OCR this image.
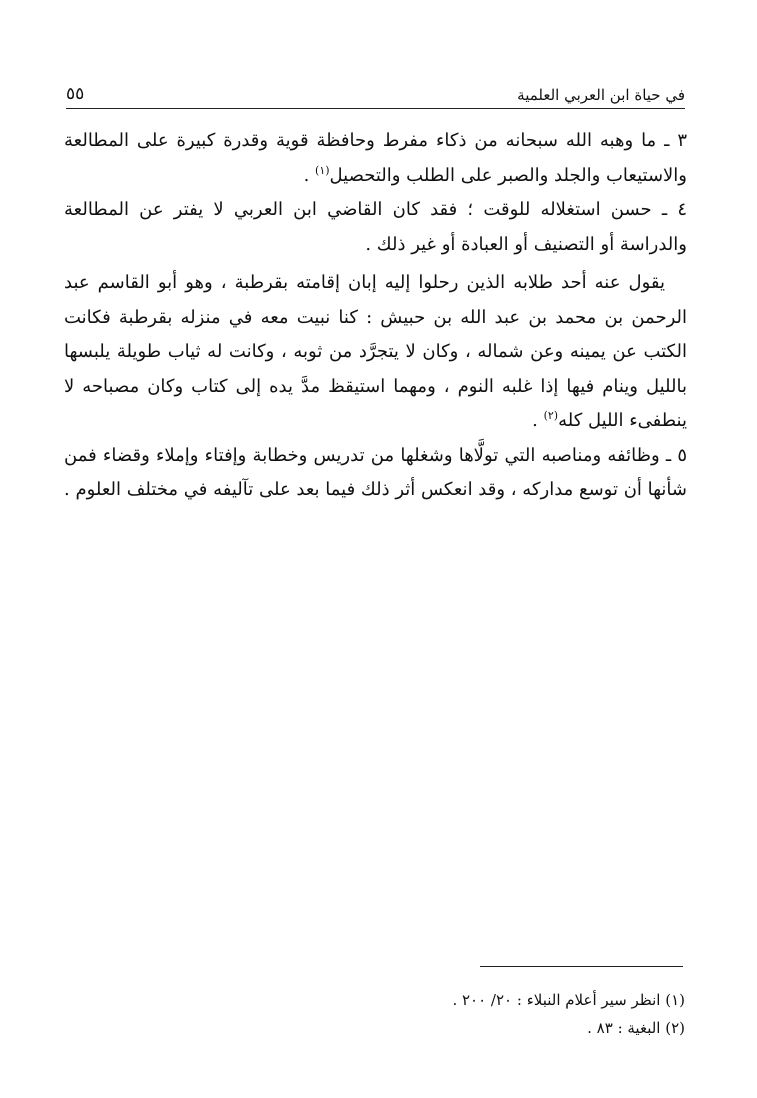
في حياة ابن العربي العلمية
٥٥

٣ ـ ما وهبه الله سبحانه من ذكاء مفرط وحافظة قوية وقدرة كبيرة على المطالعة والاستيعاب والجلد والصبر على الطلب والتحصيل$^{(١)}$ .

٤ ـ حسن استغلاله للوقت ؛ فقد كان القاضي ابن العربي لا يفتر عن المطالعة والدراسة أو التصنيف أو العبادة أو غير ذلك .

يقول عنه أحد طلابه الذين رحلوا إليه إبان إقامته بقرطبة ، وهو أبو القاسم عبد الرحمن بن محمد بن عبد الله بن حبيش : كنا نبيت معه في منزله بقرطبة فكانت الكتب عن يمينه وعن شماله ، وكان لا يتجرَّد من ثوبه ، وكانت له ثياب طويلة يلبسها بالليل وينام فيها إذا غلبه النوم ، ومهما استيقظ مدَّ يده إلى كتاب وكان مصباحه لا ينطفىء الليل كله$^{(٢)}$ .

٥ ـ وظائفه ومناصبه التي تولَّاها وشغلها من تدريس وخطابة وإفتاء وإملاء وقضاء فمن شأنها أن توسع مداركه ، وقد انعكس أثر ذلك فيما بعد على تآليفه في مختلف العلوم .

(١) انظر سير أعلام النبلاء : ٢٠/ ٢٠٠ .

(٢) البغية : ٨٣ .
